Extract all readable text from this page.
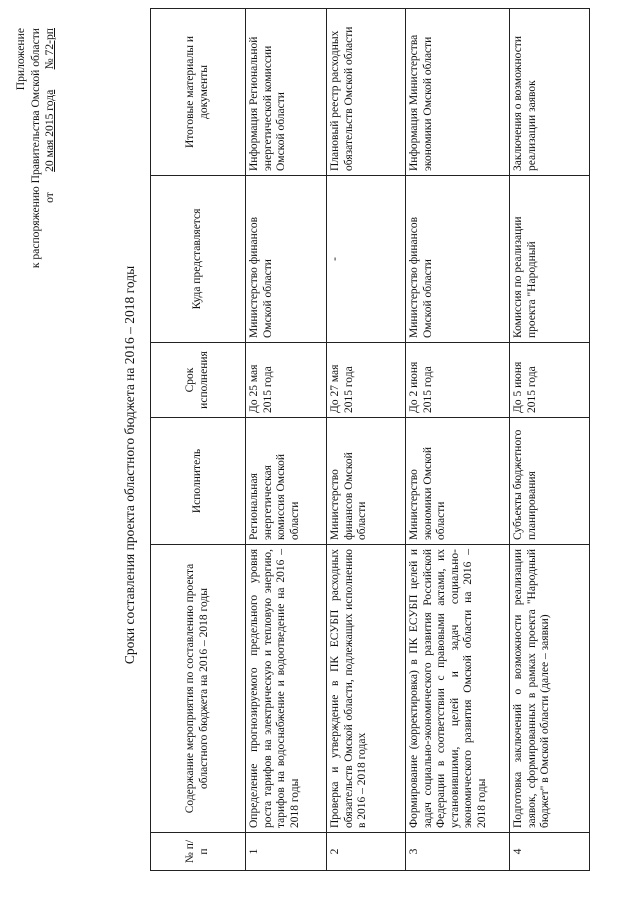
Приложение к распоряжению Правительства Омской области от       20 мая 2015 года       № 72-рп
Сроки составления проекта областного бюджета на 2016 – 2018 годы
№ п/п	Содержание мероприятия по составлению проекта областного бюджета на 2016 – 2018 годы	Исполнитель	Срок исполнения	Куда представляется	Итоговые материалы и документы
1	Определение прогнозируемого предельного уровня роста тарифов на электрическую и тепловую энергию, тарифов на водоснабжение и водоотведение на 2016 – 2018 годы	Региональная энергетическая комиссия Омской области	До 25 мая 2015 года	Министерство финансов Омской области	Информация Региональной энергетической комиссии Омской области
2	Проверка и утверждение в ПК ЕСУБП расходных обязательств Омской области, подлежащих исполнению в 2016 – 2018 годах	Министерство финансов Омской области	До 27 мая 2015 года	-	Плановый реестр расходных обязательств Омской области
3	Формирование (корректировка) в ПК ЕСУБП целей и задач социально-экономического развития Российской Федерации в соответствии с правовыми актами, их установившими, целей и задач социально-экономического развития Омской области на 2016 – 2018 годы	Министерство экономики Омской области	До 2 июня 2015 года	Министерство финансов Омской области	Информация Министерства экономики Омской области
4	Подготовка заключений о возможности реализации заявок, сформированных в рамках проекта "Народный бюджет" в Омской области (далее – заявки)	Субъекты бюджетного планирования	До 5 июня 2015 года	Комиссия по реализации проекта "Народный	Заключения о возможности реализации заявок
